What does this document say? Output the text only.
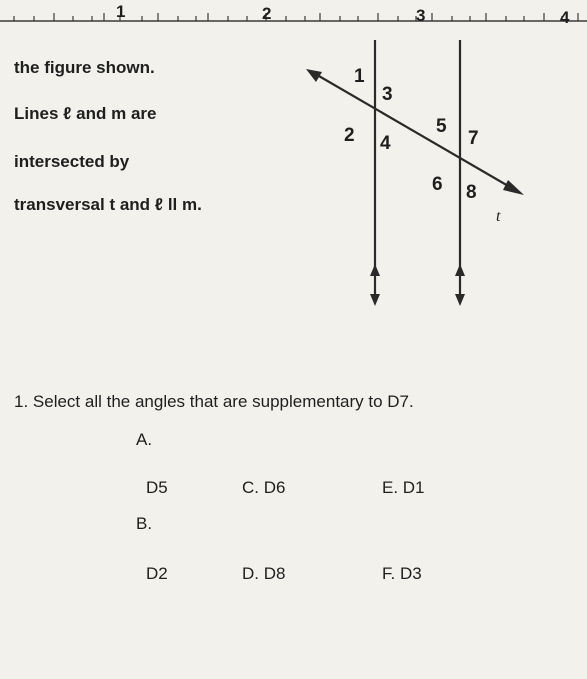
1	2	3	4
the figure shown.
Lines ℓ and m are
intersected by
transversal t and ℓ ll m.
1
3
2 4
5
7
6 8
t
1. Select all the angles that are supplementary to D7.
A.
D5	C. D6	E. D1
B.
D2	D. D8	F. D3
